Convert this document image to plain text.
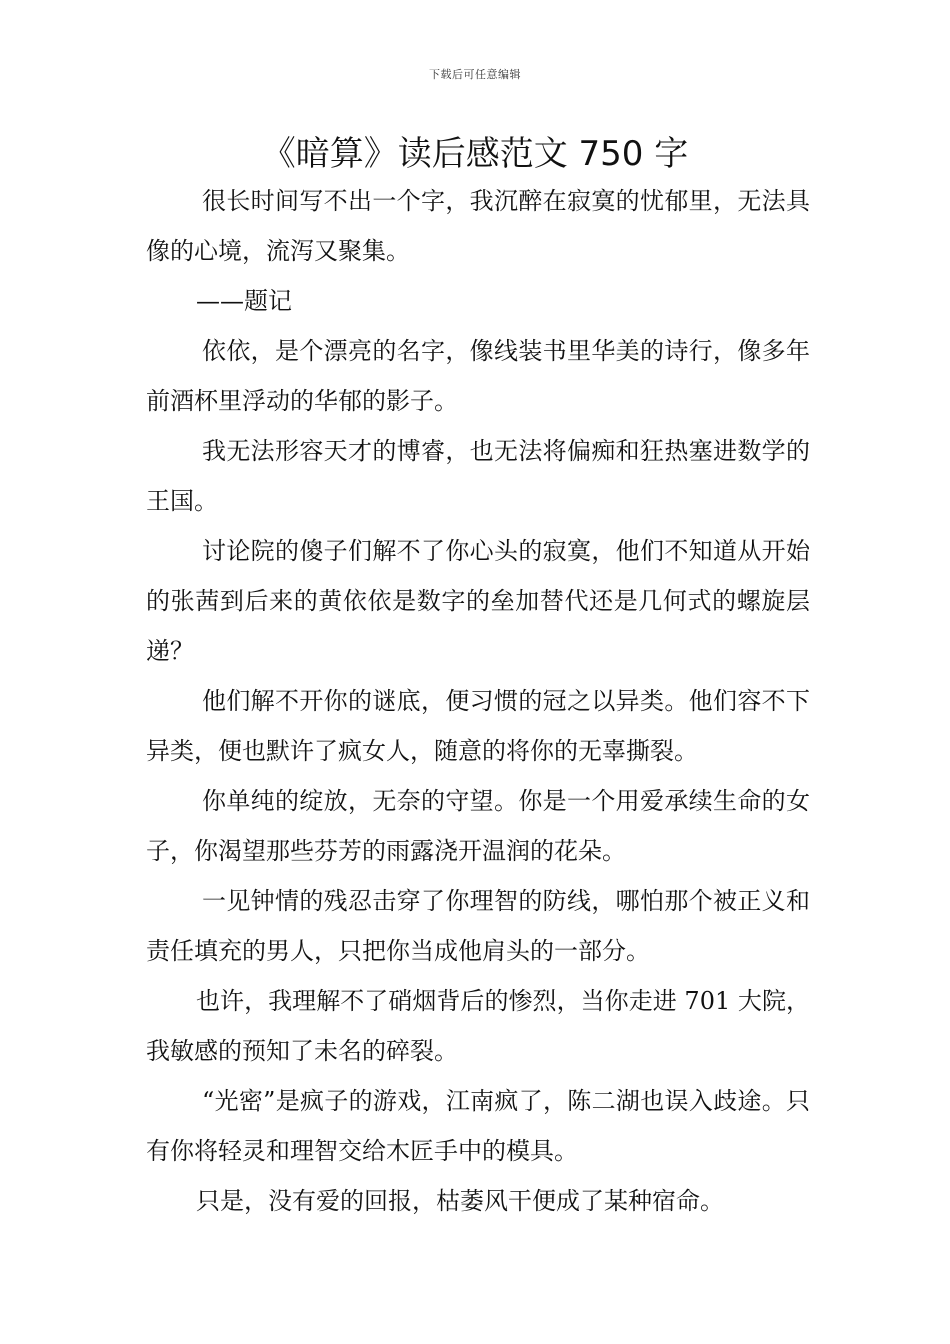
下载后可任意编辑
《暗算》读后感范文 750 字

很长时间写不出一个字，我沉醉在寂寞的忧郁里，无法具像的心境，流泻又聚集。

——题记

依依，是个漂亮的名字，像线装书里华美的诗行，像多年前酒杯里浮动的华郁的影子。

我无法形容天才的博睿，也无法将偏痴和狂热塞进数学的王国。

讨论院的傻子们解不了你心头的寂寞，他们不知道从开始的张茜到后来的黄依依是数字的垒加替代还是几何式的螺旋层递？

他们解不开你的谜底，便习惯的冠之以异类。他们容不下异类，便也默许了疯女人，随意的将你的无辜撕裂。

你单纯的绽放，无奈的守望。你是一个用爱承续生命的女子，你渴望那些芬芳的雨露浇开温润的花朵。

一见钟情的残忍击穿了你理智的防线，哪怕那个被正义和责任填充的男人，只把你当成他肩头的一部分。

也许，我理解不了硝烟背后的惨烈，当你走进 701 大院，我敏感的预知了未名的碎裂。

“光密”是疯子的游戏，江南疯了，陈二湖也误入歧途。只有你将轻灵和理智交给木匠手中的模具。

只是，没有爱的回报，枯萎风干便成了某种宿命。
